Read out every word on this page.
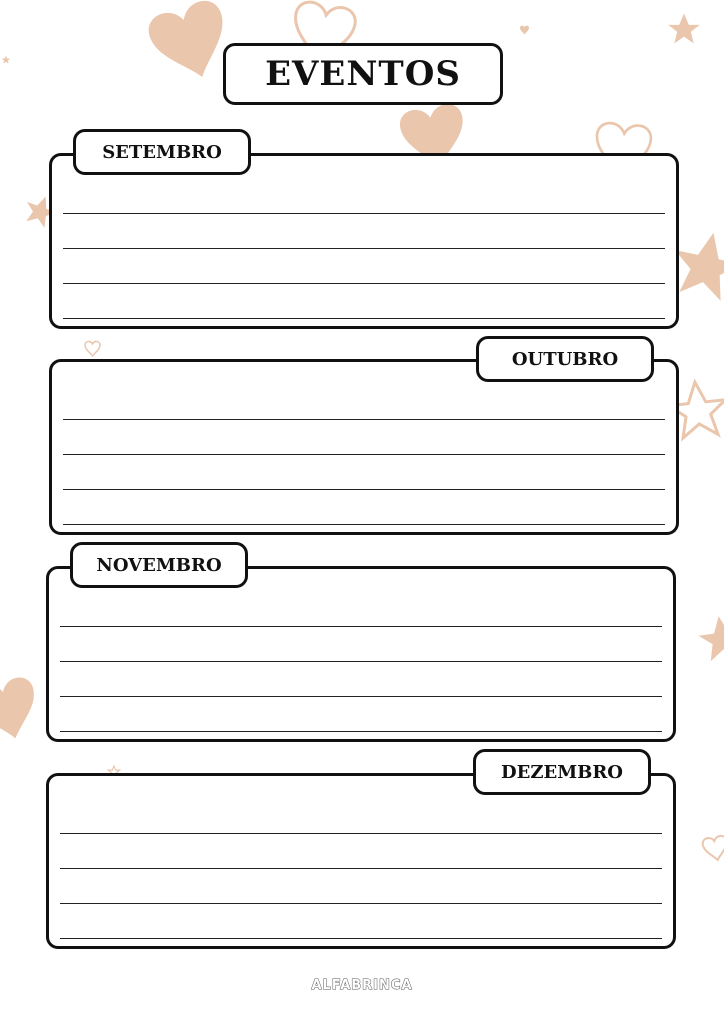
EVENTOS
SETEMBRO
OUTUBRO
NOVEMBRO
DEZEMBRO
ALFABRINCA
